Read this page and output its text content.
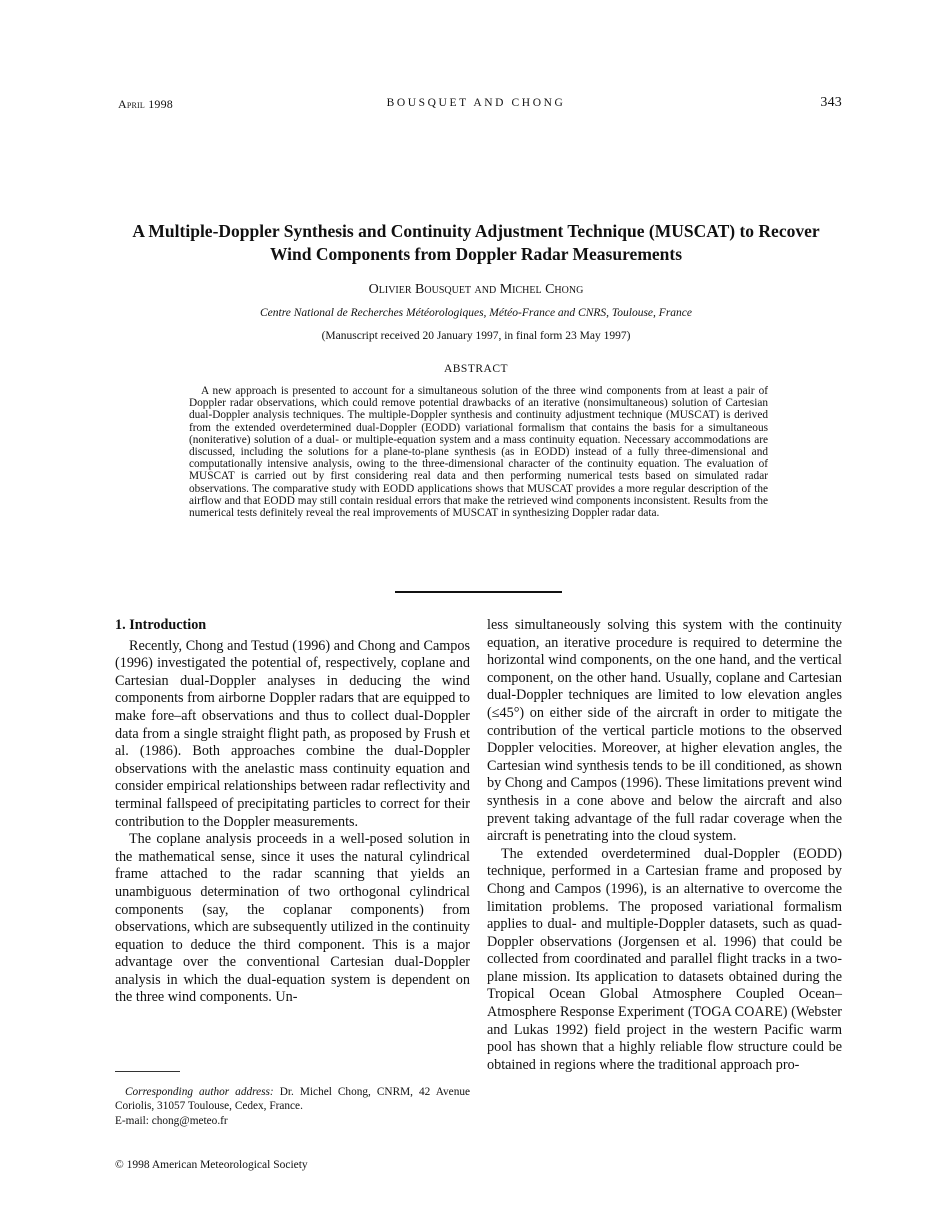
April 1998	BOUSQUET AND CHONG	343
A Multiple-Doppler Synthesis and Continuity Adjustment Technique (MUSCAT) to Recover Wind Components from Doppler Radar Measurements
Olivier Bousquet and Michel Chong
Centre National de Recherches Météorologiques, Météo-France and CNRS, Toulouse, France
(Manuscript received 20 January 1997, in final form 23 May 1997)
ABSTRACT
A new approach is presented to account for a simultaneous solution of the three wind components from at least a pair of Doppler radar observations, which could remove potential drawbacks of an iterative (nonsimultaneous) solution of Cartesian dual-Doppler analysis techniques. The multiple-Doppler synthesis and continuity adjustment technique (MUSCAT) is derived from the extended overdetermined dual-Doppler (EODD) variational formalism that contains the basis for a simultaneous (noniterative) solution of a dual- or multiple-equation system and a mass continuity equation. Necessary accommodations are discussed, including the solutions for a plane-to-plane synthesis (as in EODD) instead of a fully three-dimensional and computationally intensive analysis, owing to the three-dimensional character of the continuity equation. The evaluation of MUSCAT is carried out by first considering real data and then performing numerical tests based on simulated radar observations. The comparative study with EODD applications shows that MUSCAT provides a more regular description of the airflow and that EODD may still contain residual errors that make the retrieved wind components inconsistent. Results from the numerical tests definitely reveal the real improvements of MUSCAT in synthesizing Doppler radar data.
1. Introduction

Recently, Chong and Testud (1996) and Chong and Campos (1996) investigated the potential of, respectively, coplane and Cartesian dual-Doppler analyses in deducing the wind components from airborne Doppler radars that are equipped to make fore–aft observations and thus to collect dual-Doppler data from a single straight flight path, as proposed by Frush et al. (1986). Both approaches combine the dual-Doppler observations with the anelastic mass continuity equation and consider empirical relationships between radar reflectivity and terminal fallspeed of precipitating particles to correct for their contribution to the Doppler measurements.

The coplane analysis proceeds in a well-posed solution in the mathematical sense, since it uses the natural cylindrical frame attached to the radar scanning that yields an unambiguous determination of two orthogonal cylindrical components (say, the coplanar components) from observations, which are subsequently utilized in the continuity equation to deduce the third component. This is a major advantage over the conventional Cartesian dual-Doppler analysis in which the dual-equation system is dependent on the three wind components. Un-

less simultaneously solving this system with the continuity equation, an iterative procedure is required to determine the horizontal wind components, on the one hand, and the vertical component, on the other hand. Usually, coplane and Cartesian dual-Doppler techniques are limited to low elevation angles (≤45°) on either side of the aircraft in order to mitigate the contribution of the vertical particle motions to the observed Doppler velocities. Moreover, at higher elevation angles, the Cartesian wind synthesis tends to be ill conditioned, as shown by Chong and Campos (1996). These limitations prevent wind synthesis in a cone above and below the aircraft and also prevent taking advantage of the full radar coverage when the aircraft is penetrating into the cloud system.

The extended overdetermined dual-Doppler (EODD) technique, performed in a Cartesian frame and proposed by Chong and Campos (1996), is an alternative to overcome the limitation problems. The proposed variational formalism applies to dual- and multiple-Doppler datasets, such as quad-Doppler observations (Jorgensen et al. 1996) that could be collected from coordinated and parallel flight tracks in a two-plane mission. Its application to datasets obtained during the Tropical Ocean Global Atmosphere Coupled Ocean–Atmosphere Response Experiment (TOGA COARE) (Webster and Lukas 1992) field project in the western Pacific warm pool has shown that a highly reliable flow structure could be obtained in regions where the traditional approach pro-

Corresponding author address: Dr. Michel Chong, CNRM, 42 Avenue Coriolis, 31057 Toulouse, Cedex, France.

E-mail: chong@meteo.fr

© 1998 American Meteorological Society
